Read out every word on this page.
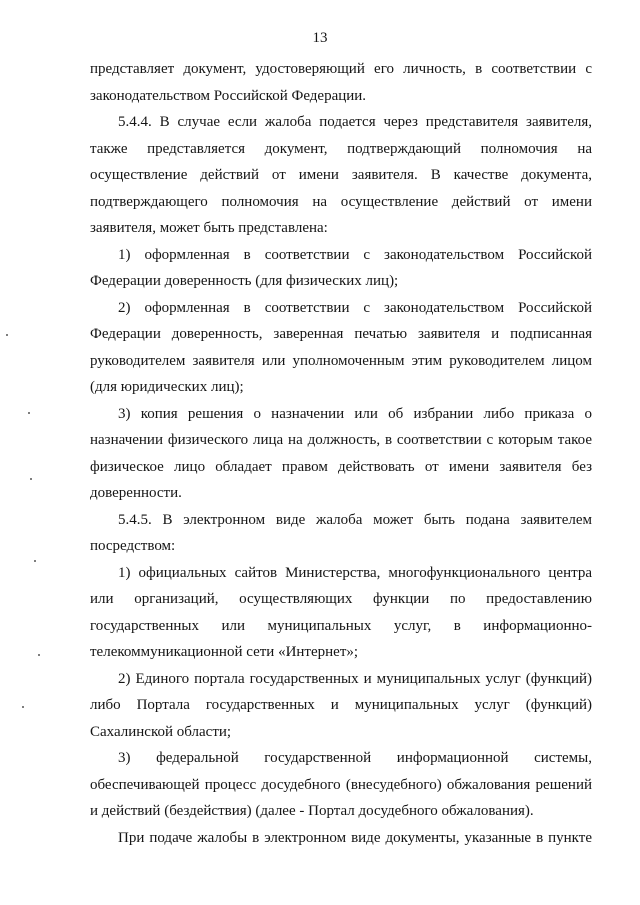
13
представляет документ, удостоверяющий его личность, в соответствии с
законодательством Российской Федерации.
5.4.4. В случае если жалоба подается через представителя заявителя,
также представляется документ, подтверждающий полномочия на
осуществление действий от имени заявителя. В качестве документа,
подтверждающего полномочия на осуществление действий от имени
заявителя, может быть представлена:
1) оформленная в соответствии с законодательством Российской
Федерации доверенность (для физических лиц);
2) оформленная в соответствии с законодательством Российской
Федерации доверенность, заверенная печатью заявителя и подписанная
руководителем заявителя или уполномоченным этим руководителем лицом
(для юридических лиц);
3) копия решения о назначении или об избрании либо приказа о
назначении физического лица на должность, в соответствии с которым такое
физическое лицо обладает правом действовать от имени заявителя без
доверенности.
5.4.5. В электронном виде жалоба может быть подана заявителем
посредством:
1) официальных сайтов Министерства, многофункционального центра
или организаций, осуществляющих функции по предоставлению
государственных или муниципальных услуг, в информационно-
телекоммуникационной сети «Интернет»;
2) Единого портала государственных и муниципальных услуг (функций)
либо Портала государственных и муниципальных услуг (функций)
Сахалинской области;
3) федеральной государственной информационной системы,
обеспечивающей процесс досудебного (внесудебного) обжалования решений
и действий (бездействия) (далее - Портал досудебного обжалования).
При подаче жалобы в электронном виде документы, указанные в пункте
